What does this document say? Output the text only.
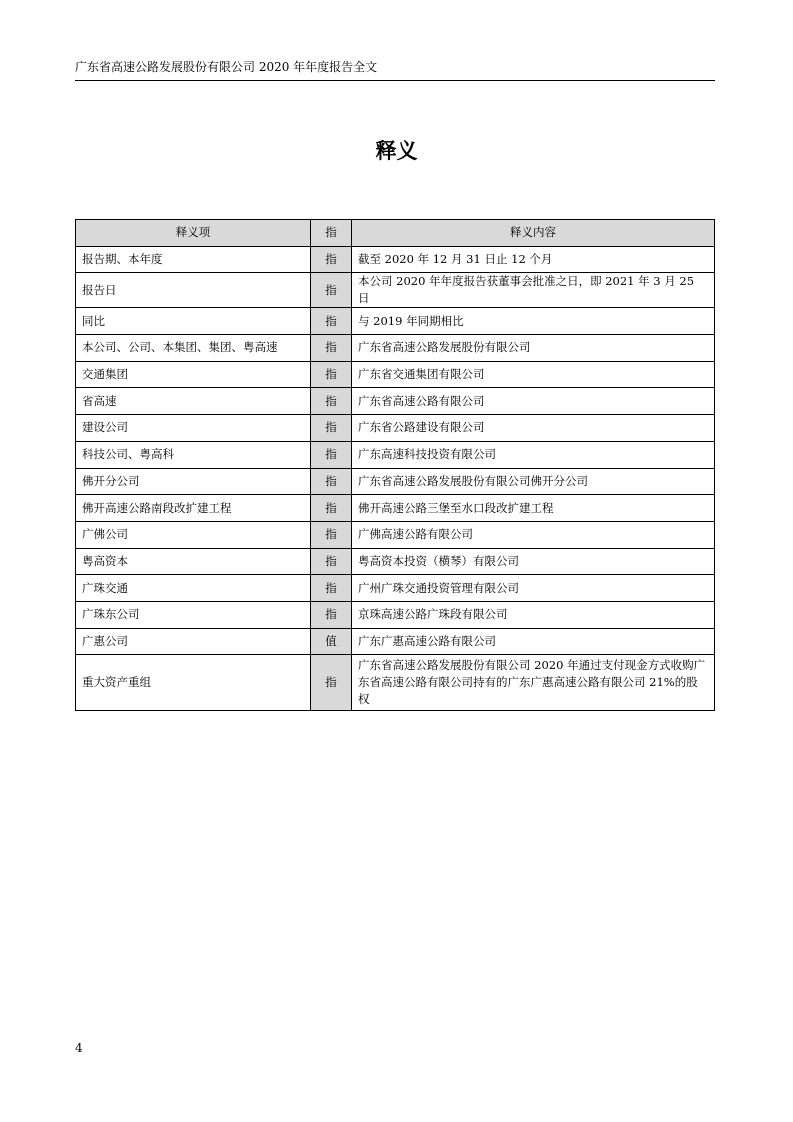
广东省高速公路发展股份有限公司 2020 年年度报告全文
释义
释义项	指	释义内容
报告期、本年度	指	截至 2020 年 12 月 31 日止 12 个月
报告日	指	本公司 2020 年年度报告获董事会批准之日，即 2021 年 3 月 25 日
同比	指	与 2019 年同期相比
本公司、公司、本集团、集团、粤高速	指	广东省高速公路发展股份有限公司
交通集团	指	广东省交通集团有限公司
省高速	指	广东省高速公路有限公司
建设公司	指	广东省公路建设有限公司
科技公司、粤高科	指	广东高速科技投资有限公司
佛开分公司	指	广东省高速公路发展股份有限公司佛开分公司
佛开高速公路南段改扩建工程	指	佛开高速公路三堡至水口段改扩建工程
广佛公司	指	广佛高速公路有限公司
粤高资本	指	粤高资本投资（横琴）有限公司
广珠交通	指	广州广珠交通投资管理有限公司
广珠东公司	指	京珠高速公路广珠段有限公司
广惠公司	值	广东广惠高速公路有限公司
重大资产重组	指	广东省高速公路发展股份有限公司 2020 年通过支付现金方式收购广东省高速公路有限公司持有的广东广惠高速公路有限公司 21%的股权
4
